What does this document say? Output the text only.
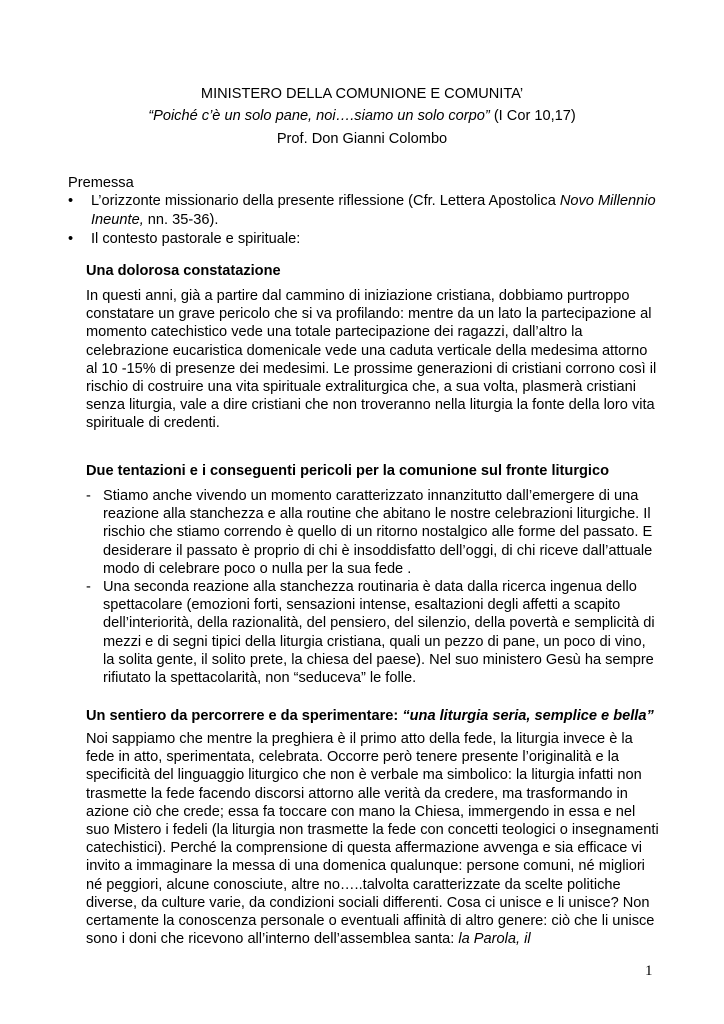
MINISTERO DELLA COMUNIONE E COMUNITA’
“Poiché c’è un solo pane, noi….siamo un solo corpo” (I Cor 10,17)
Prof. Don Gianni Colombo
Premessa
• L’orizzonte missionario della presente riflessione (Cfr. Lettera Apostolica Novo Millennio Ineunte, nn. 35-36).
• Il contesto pastorale e spirituale:
Una dolorosa constatazione

In questi anni, già a partire dal cammino di iniziazione cristiana, dobbiamo purtroppo constatare un grave pericolo che si va profilando: mentre da un lato la partecipazione al momento catechistico vede una totale partecipazione dei ragazzi, dall’altro la celebrazione eucaristica domenicale vede una caduta verticale della medesima attorno al 10 -15% di presenze dei medesimi. Le prossime generazioni di cristiani corrono così il rischio di costruire una vita spirituale extraliturgica che, a sua volta, plasmerà cristiani senza liturgia, vale a dire cristiani che non troveranno nella liturgia la fonte della loro vita spirituale di credenti.

Due tentazioni e i conseguenti pericoli per la comunione sul fronte liturgico
- Stiamo anche vivendo un momento caratterizzato innanzitutto dall’emergere di una reazione alla stanchezza e alla routine che abitano le nostre celebrazioni liturgiche. Il rischio che stiamo correndo è quello di un ritorno nostalgico alle forme del passato. E desiderare il passato è proprio di chi è insoddisfatto dell’oggi, di chi riceve dall’attuale modo di celebrare poco o nulla per la sua fede .
- Una seconda reazione alla stanchezza routinaria è data dalla ricerca ingenua dello spettacolare (emozioni forti, sensazioni intense, esaltazioni degli affetti a scapito dell’interiorità, della razionalità, del pensiero, del silenzio, della povertà e semplicità di mezzi e di segni tipici della liturgia cristiana, quali un pezzo di pane, un poco di vino, la solita gente, il solito prete, la chiesa del paese). Nel suo ministero Gesù ha sempre rifiutato la spettacolarità, non “seduceva” le folle.
Un sentiero da percorrere e da sperimentare: “una liturgia seria, semplice e bella”

Noi sappiamo che mentre la preghiera è il primo atto della fede, la liturgia invece è la fede in atto, sperimentata, celebrata. Occorre però tenere presente l’originalità e la specificità del linguaggio liturgico che non è verbale ma simbolico: la liturgia infatti non trasmette la fede facendo discorsi attorno alle verità da credere, ma trasformando in azione ciò che crede; essa fa toccare con mano la Chiesa, immergendo in essa e nel suo Mistero i fedeli (la liturgia non trasmette la fede con concetti teologici o insegnamenti catechistici). Perché la comprensione di questa affermazione avvenga e sia efficace vi invito a immaginare la messa di una domenica qualunque: persone comuni, né migliori né peggiori, alcune conosciute, altre no…..talvolta caratterizzate da scelte politiche diverse, da culture varie, da condizioni sociali differenti. Cosa ci unisce e li unisce? Non certamente la conoscenza personale o eventuali affinità di altro genere: ciò che li unisce sono i doni che ricevono all’interno dell’assemblea santa: la Parola, il

1
